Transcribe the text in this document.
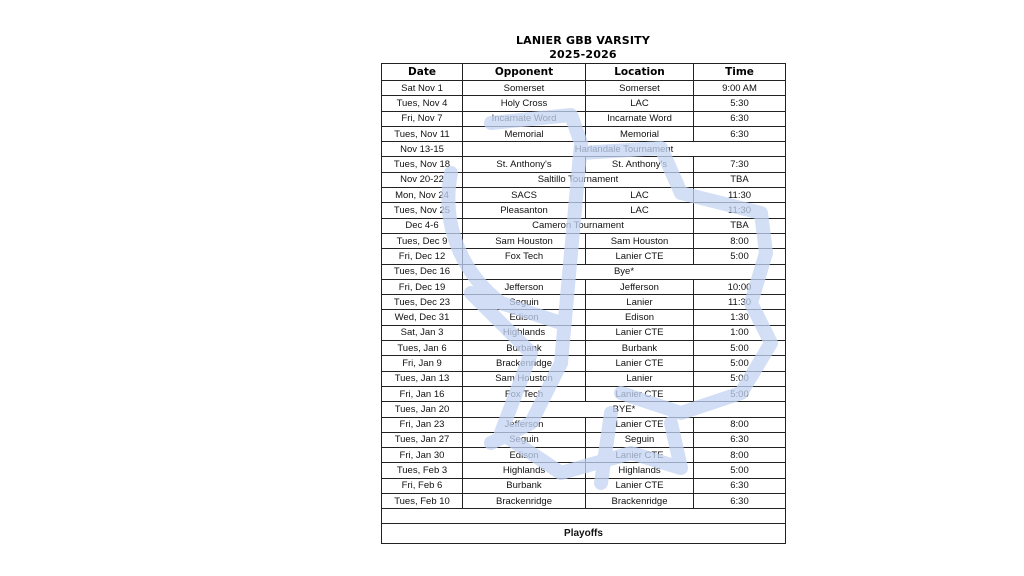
LANIER GBB VARSITY
2025-2026
Date	Opponent	Location	Time
Sat Nov 1	Somerset	Somerset	9:00 AM
Tues, Nov 4	Holy Cross	LAC	5:30
Fri, Nov 7	Incarnate Word	Incarnate Word	6:30
Tues, Nov 11	Memorial	Memorial	6:30
Nov 13-15	Harlandale Tournament		
Tues, Nov 18	St. Anthony's	St. Anthony's	7:30
Nov 20-22	Saltillo Tournament		TBA
Mon, Nov 24	SACS	LAC	11:30
Tues, Nov 25	Pleasanton	LAC	11:30
Dec 4-6	Cameron Tournament		TBA
Tues, Dec 9	Sam Houston	Sam Houston	8:00
Fri, Dec 12	Fox Tech	Lanier CTE	5:00
Tues, Dec 16	Bye*		
Fri, Dec 19	Jefferson	Jefferson	10:00
Tues, Dec 23	Seguin	Lanier	11:30
Wed, Dec 31	Edison	Edison	1:30
Sat, Jan 3	Highlands	Lanier CTE	1:00
Tues, Jan 6	Burbank	Burbank	5:00
Fri, Jan 9	Brackenridge	Lanier CTE	5:00
Tues, Jan 13	Sam Houston	Lanier	5:00
Fri, Jan 16	Fox Tech	Lanier CTE	5:00
Tues, Jan 20	BYE*		
Fri, Jan 23	Jefferson	Lanier CTE	8:00
Tues, Jan 27	Seguin	Seguin	6:30
Fri, Jan 30	Edison	Lanier CTE	8:00
Tues, Feb 3	Highlands	Highlands	5:00
Fri, Feb 6	Burbank	Lanier CTE	6:30
Tues, Feb 10	Brackenridge	Brackenridge	6:30

Playoffs			
